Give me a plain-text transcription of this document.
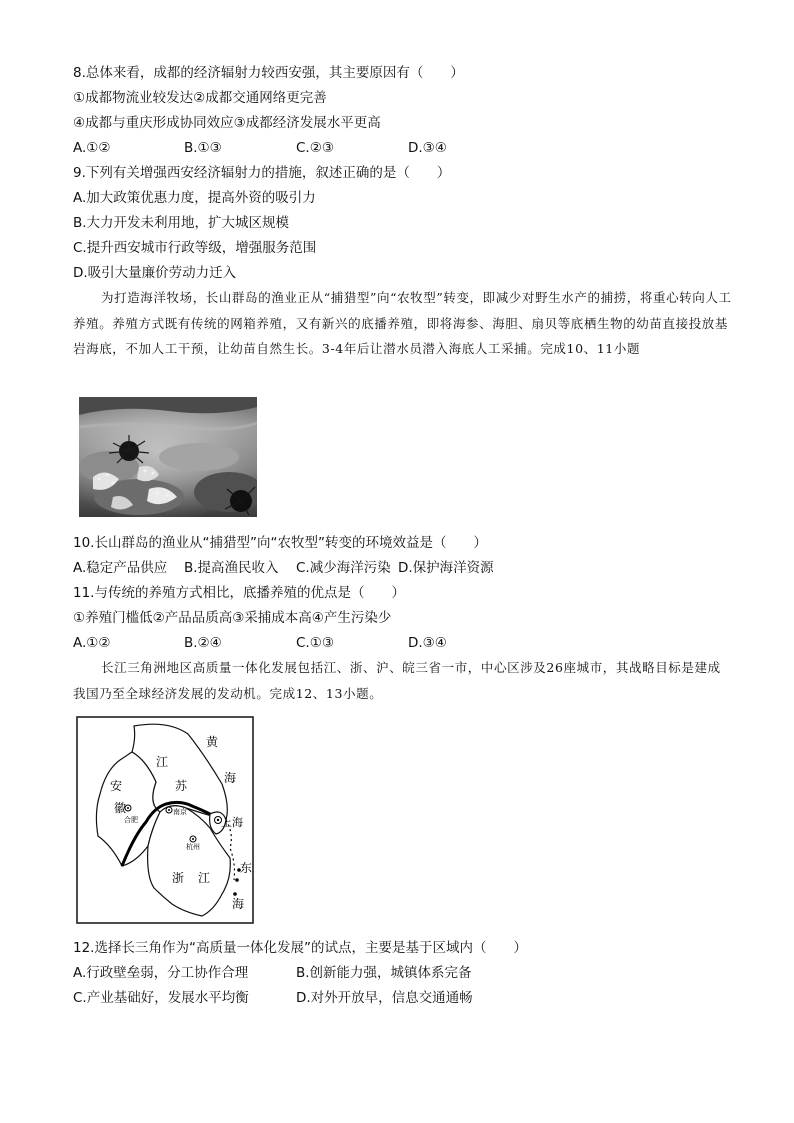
8.总体来看，成都的经济辐射力较西安强，其主要原因有（　　）
①成都物流业较发达②成都交通网络更完善
④成都与重庆形成协同效应③成都经济发展水平更高
A.①②	B.①③	C.②③	D.③④
9.下列有关增强西安经济辐射力的措施，叙述正确的是（　　）
A.加大政策优惠力度，提高外资的吸引力
B.大力开发未利用地，扩大城区规模
C.提升西安城市行政等级，增强服务范围
D.吸引大量廉价劳动力迁入
为打造海洋牧场，长山群岛的渔业正从“捕猎型”向“农牧型”转变，即减少对野生水产的捕捞，将重心转向人工养殖。养殖方式既有传统的网箱养殖，又有新兴的底播养殖，即将海参、海胆、扇贝等底栖生物的幼苗直接投放基岩海底，不加人工干预，让幼苗自然生长。3-4年后让潜水员潜入海底人工采捕。完成10、11小题
10.长山群岛的渔业从“捕猎型”向“农牧型”转变的环境效益是（　　）
A.稳定产品供应 B.提高渔民收入 C.减少海洋污染 D.保护海洋资源
11.与传统的养殖方式相比，底播养殖的优点是（　　）
①养殖门槛低②产品品质高③采捕成本高④产生污染少
A.①②	B.②④	C.①③	D.③④
长江三角洲地区高质量一体化发展包括江、浙、沪、皖三省一市，中心区涉及26座城市，其战略目标是建成我国乃至全球经济发展的发动机。完成12、13小题。
黄
海
江
苏
安
徽
合肥
南京
上海
杭州
东
浙 江
海
12.选择长三角作为“高质量一体化发展”的试点，主要是基于区域内（　　）
A.行政壁垒弱，分工协作合理	B.创新能力强，城镇体系完备
C.产业基础好，发展水平均衡	D.对外开放早，信息交通通畅
